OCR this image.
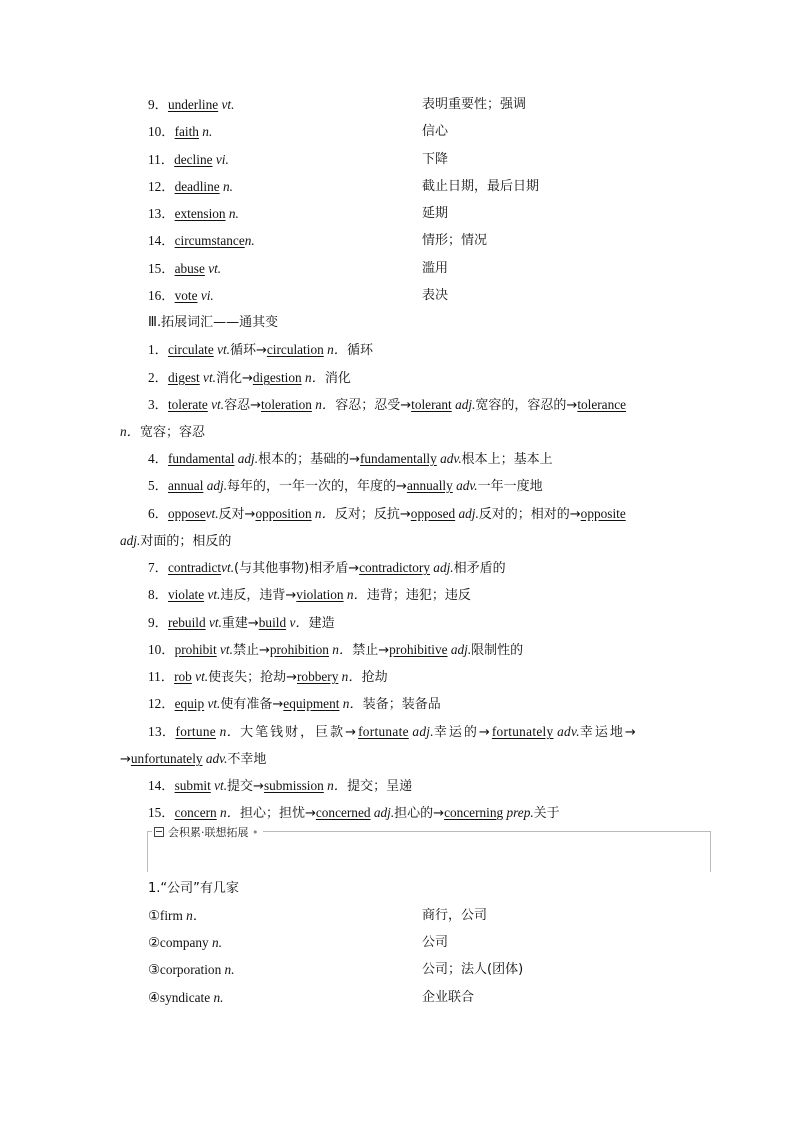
9．underline vt.	表明重要性；强调
10．faith n.	信心
11．decline vi.	下降
12．deadline n.	截止日期，最后日期
13．extension n.	延期
14．circumstancen.	情形；情况
15．abuse vt.	滥用
16．vote vi.	表决
Ⅲ.拓展词汇——通其变
1．circulate vt.循环→circulation n．循环
2．digest vt.消化→digestion n．消化
3．tolerate vt.容忍→toleration n．容忍；忍受→tolerant adj.宽容的，容忍的→tolerance
n．宽容；容忍
4．fundamental adj.根本的；基础的→fundamentally adv.根本上；基本上
5．annual adj.每年的，一年一次的，年度的→annually adv.一年一度地
6．opposevt.反对→opposition n．反对；反抗→opposed adj.反对的；相对的→opposite
adj.对面的；相反的
7．contradictvt.(与其他事物)相矛盾→contradictory adj.相矛盾的
8．violate vt.违反，违背→violation n．违背；违犯；违反
9．rebuild vt.重建→build v．建造
10．prohibit vt.禁止→prohibition n．禁止→prohibitive adj.限制性的
11．rob vt.使丧失；抢劫→robbery n．抢劫
12．equip vt.使有准备→equipment n．装备；装备品
13．fortune n．大笔钱财，巨款→fortunate adj.幸运的→fortunately adv.幸运地→
→unfortunately adv.不幸地
14．submit vt.提交→submission n．提交；呈递
15．concern n．担心；担忧→concerned adj.担心的→concerning prep.关于
会积累·联想拓展 •
1.“公司”有几家
①firm n．	商行，公司
②company n.	公司
③corporation n.	公司；法人(团体)
④syndicate n.	企业联合
